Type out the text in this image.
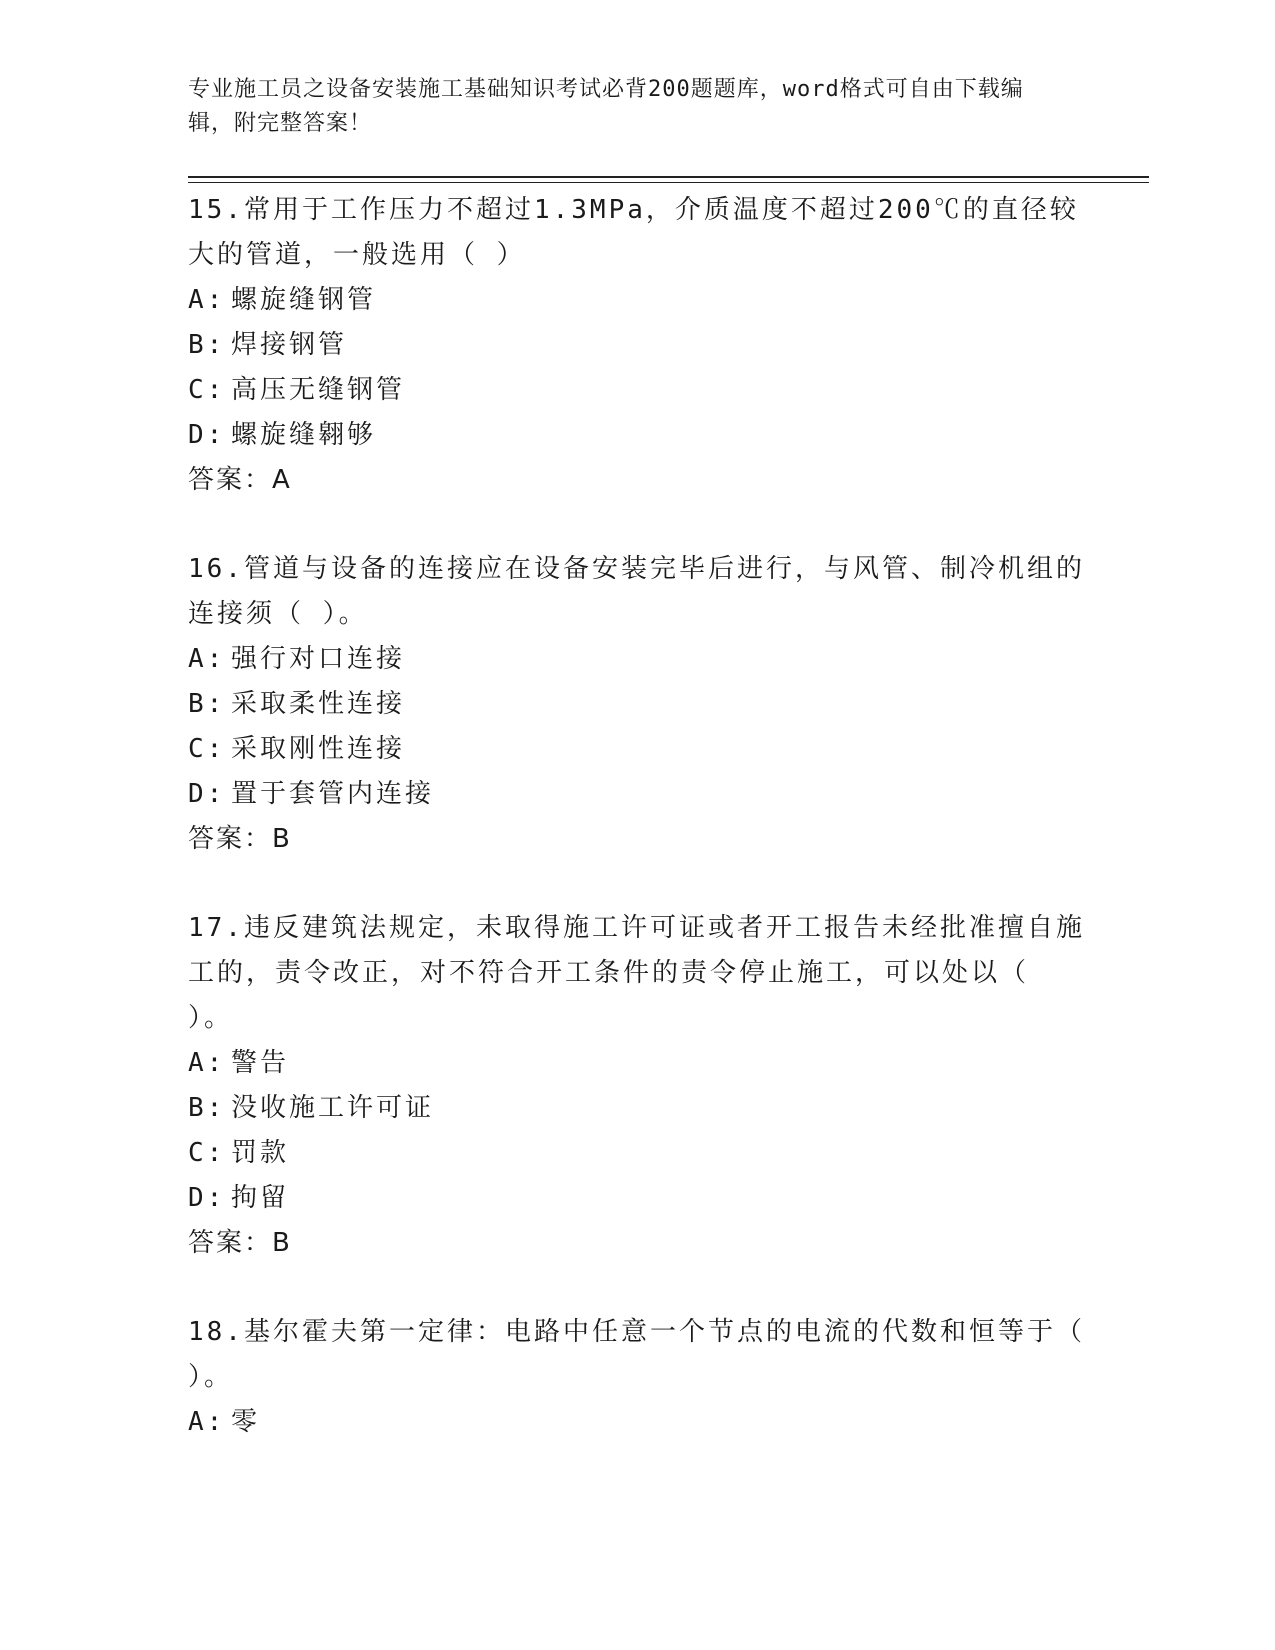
专业施工员之设备安装施工基础知识考试必背200题题库，word格式可自由下载编辑，附完整答案！
15.常用于工作压力不超过1.3MPa，介质温度不超过200℃的直径较大的管道，一般选用（ ）
A: 螺旋缝钢管
B: 焊接钢管
C: 高压无缝钢管
D: 螺旋缝翱够
答案：A
16.管道与设备的连接应在设备安装完毕后进行，与风管、制冷机组的连接须（ ）。
A: 强行对口连接
B: 采取柔性连接
C: 采取刚性连接
D: 置于套管内连接
答案：B
17.违反建筑法规定，未取得施工许可证或者开工报告未经批准擅自施工的，责令改正，对不符合开工条件的责令停止施工，可以处以（ ）。
A: 警告
B: 没收施工许可证
C: 罚款
D: 拘留
答案：B
18.基尔霍夫第一定律：电路中任意一个节点的电流的代数和恒等于（ ）。
A: 零
